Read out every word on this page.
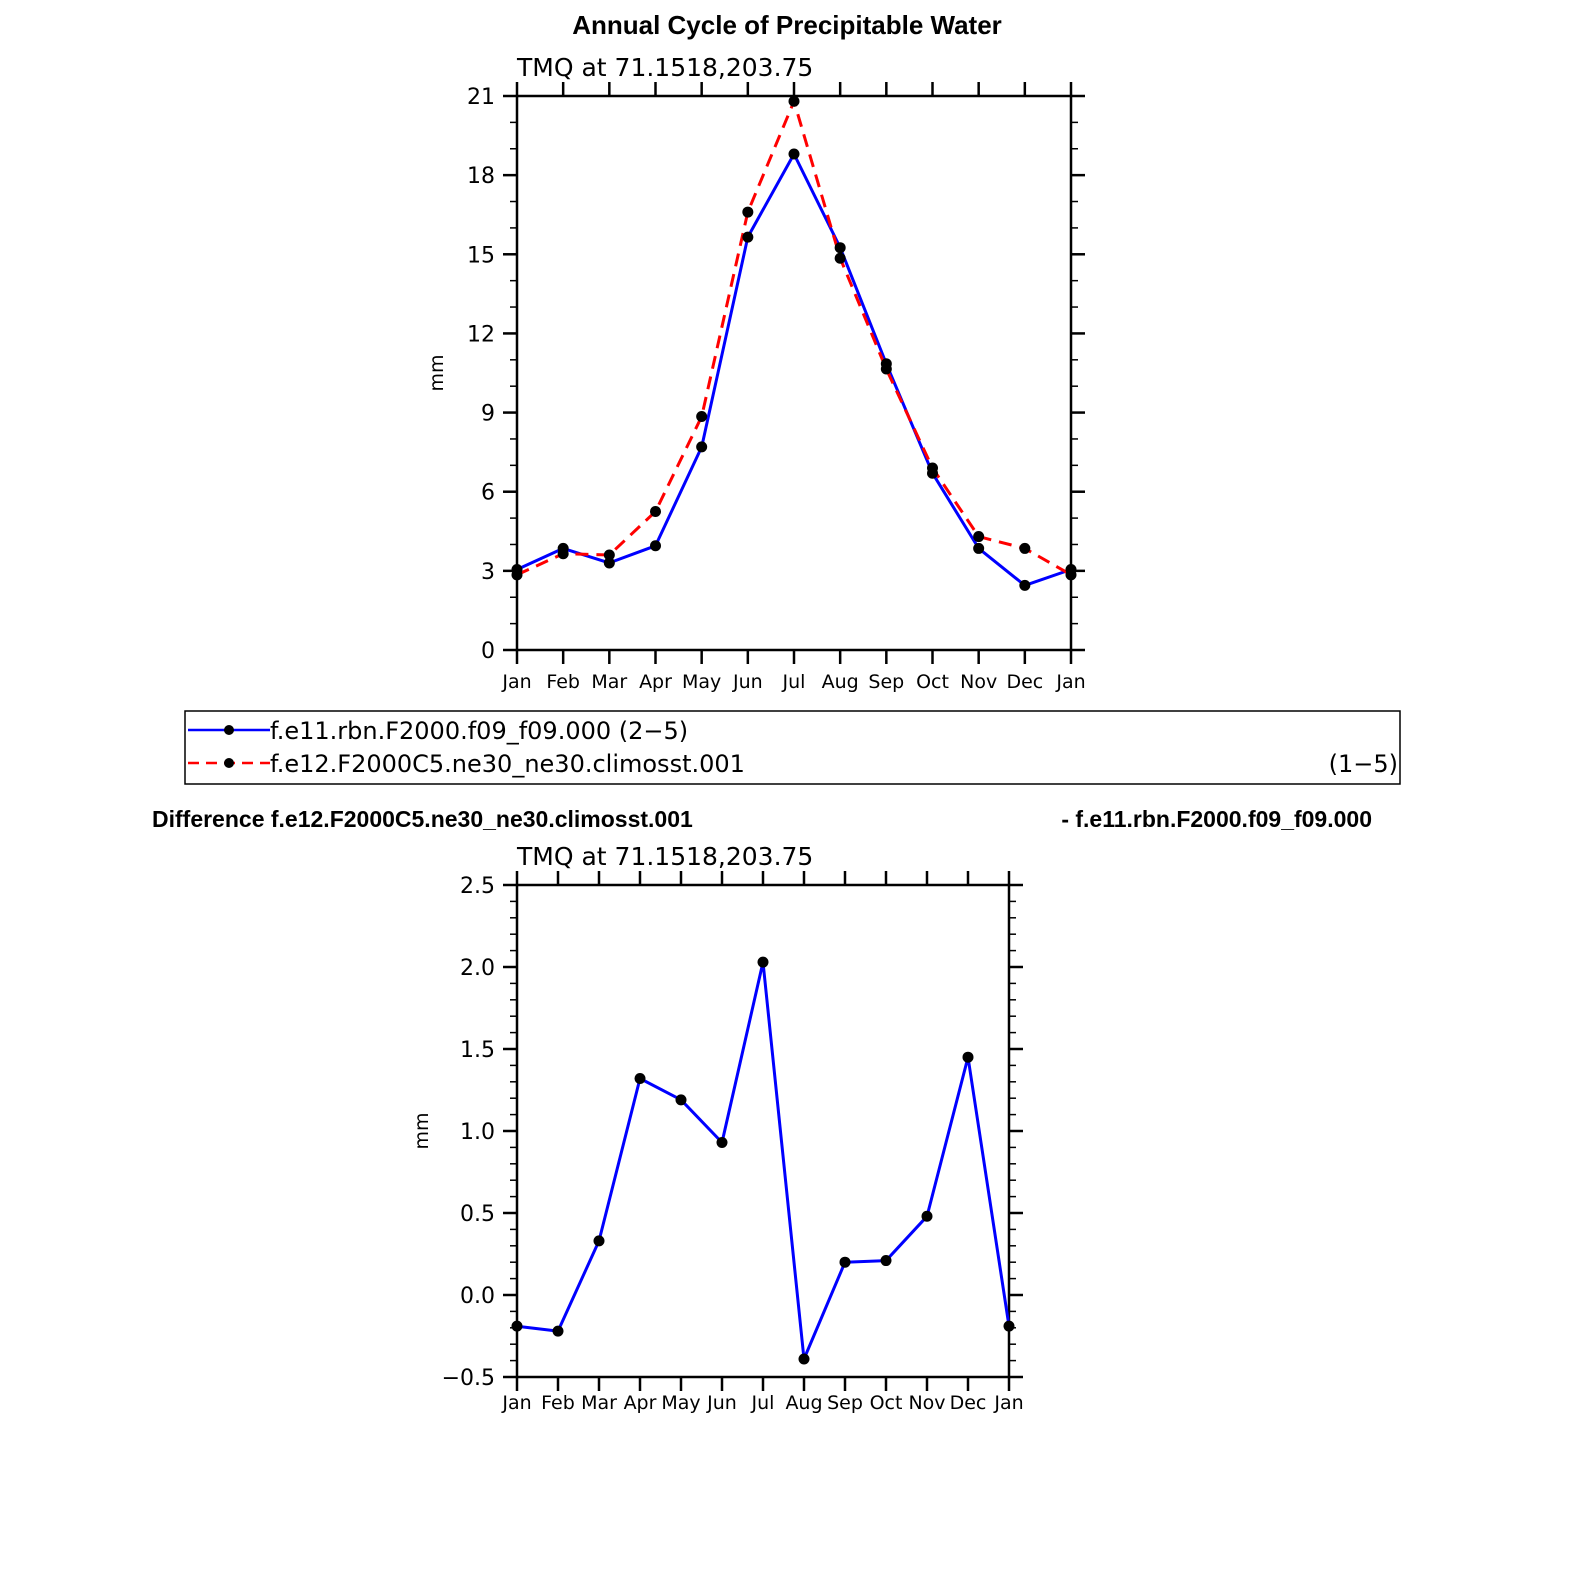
Annual Cycle of Precipitable Water
TMQ at 71.1518,203.75
0
3
6
9
12
15
18
21
Jan Feb Mar Apr May Jun Jul Aug Sep Oct Nov Dec Jan
mm
f.e11.rbn.F2000.f09_f09.000 (2−5)
f.e12.F2000C5.ne30_ne30.climosst.001	(1−5)
Difference f.e12.F2000C5.ne30_ne30.climosst.001	- f.e11.rbn.F2000.f09_f09.000
TMQ at 71.1518,203.75
−0.5
0.0
0.5
1.0
1.5
2.0
2.5
Jan Feb Mar Apr May Jun Jul Aug Sep Oct Nov Dec Jan
mm
